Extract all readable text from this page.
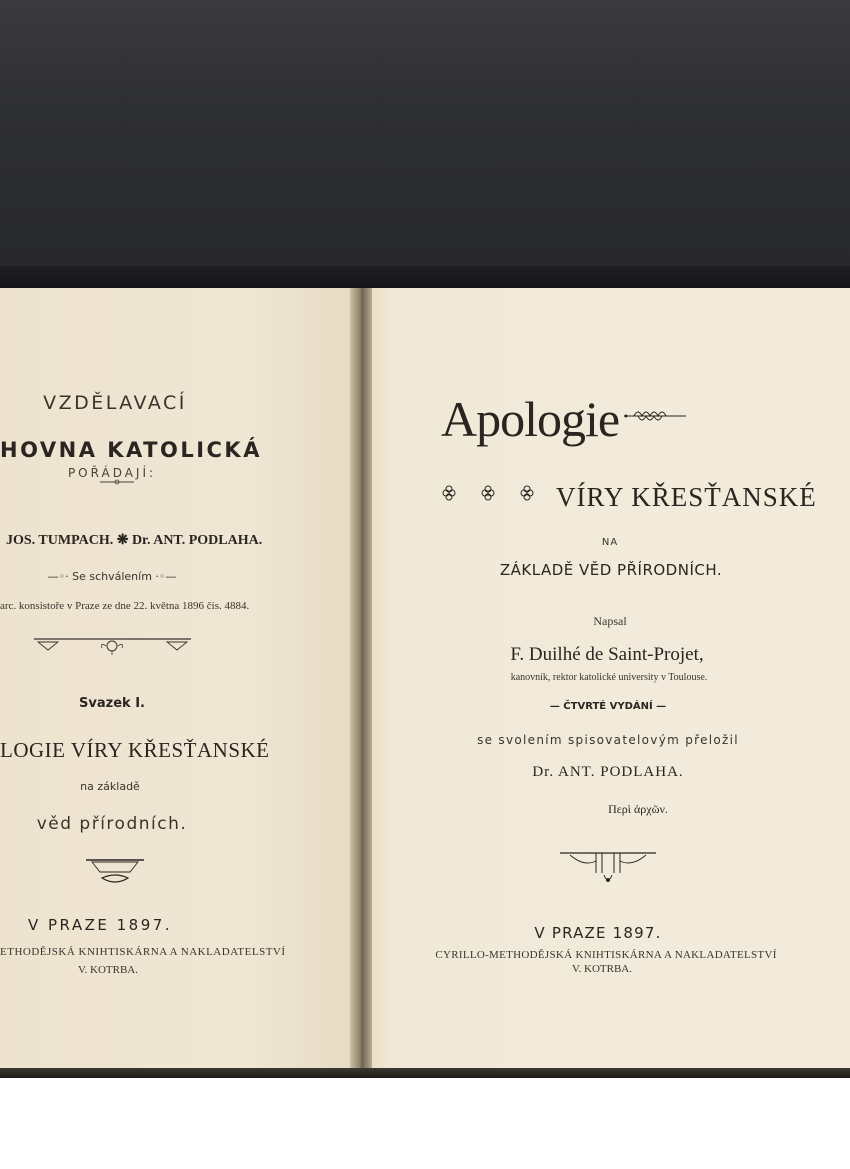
VZDĚLAVACÍ
HOVNA KATOLICKÁ
POŘÁDAJÍ:
JOS. TUMPACH. ❋ Dr. ANT. PODLAHA.
—◦· Se schválením ·◦—
arc. konsistoře v Praze ze dne 22. května 1896 čís. 4884.
Svazek I.
LOGIE VÍRY KŘESŤANSKÉ
na základě
věd přírodních.
V PRAZE 1897.
ETHODĚJSKÁ KNIHTISKÁRNA A NAKLADATELSTVÍ
V. KOTRBA.
Apologie
VÍRY KŘESŤANSKÉ
NA
ZÁKLADĚ VĚD PŘÍRODNÍCH.
Napsal
F. Duilhé de Saint-Projet,
kanovník, rektor katolické university v Toulouse.
— ČTVRTÉ VYDÁNÍ —
se svolením spisovatelovým přeložil
Dr. ANT. PODLAHA.
Περὶ ἀρχῶν.
V PRAZE 1897.
CYRILLO-METHODĚJSKÁ KNIHTISKÁRNA A NAKLADATELSTVÍ
V. KOTRBA.
